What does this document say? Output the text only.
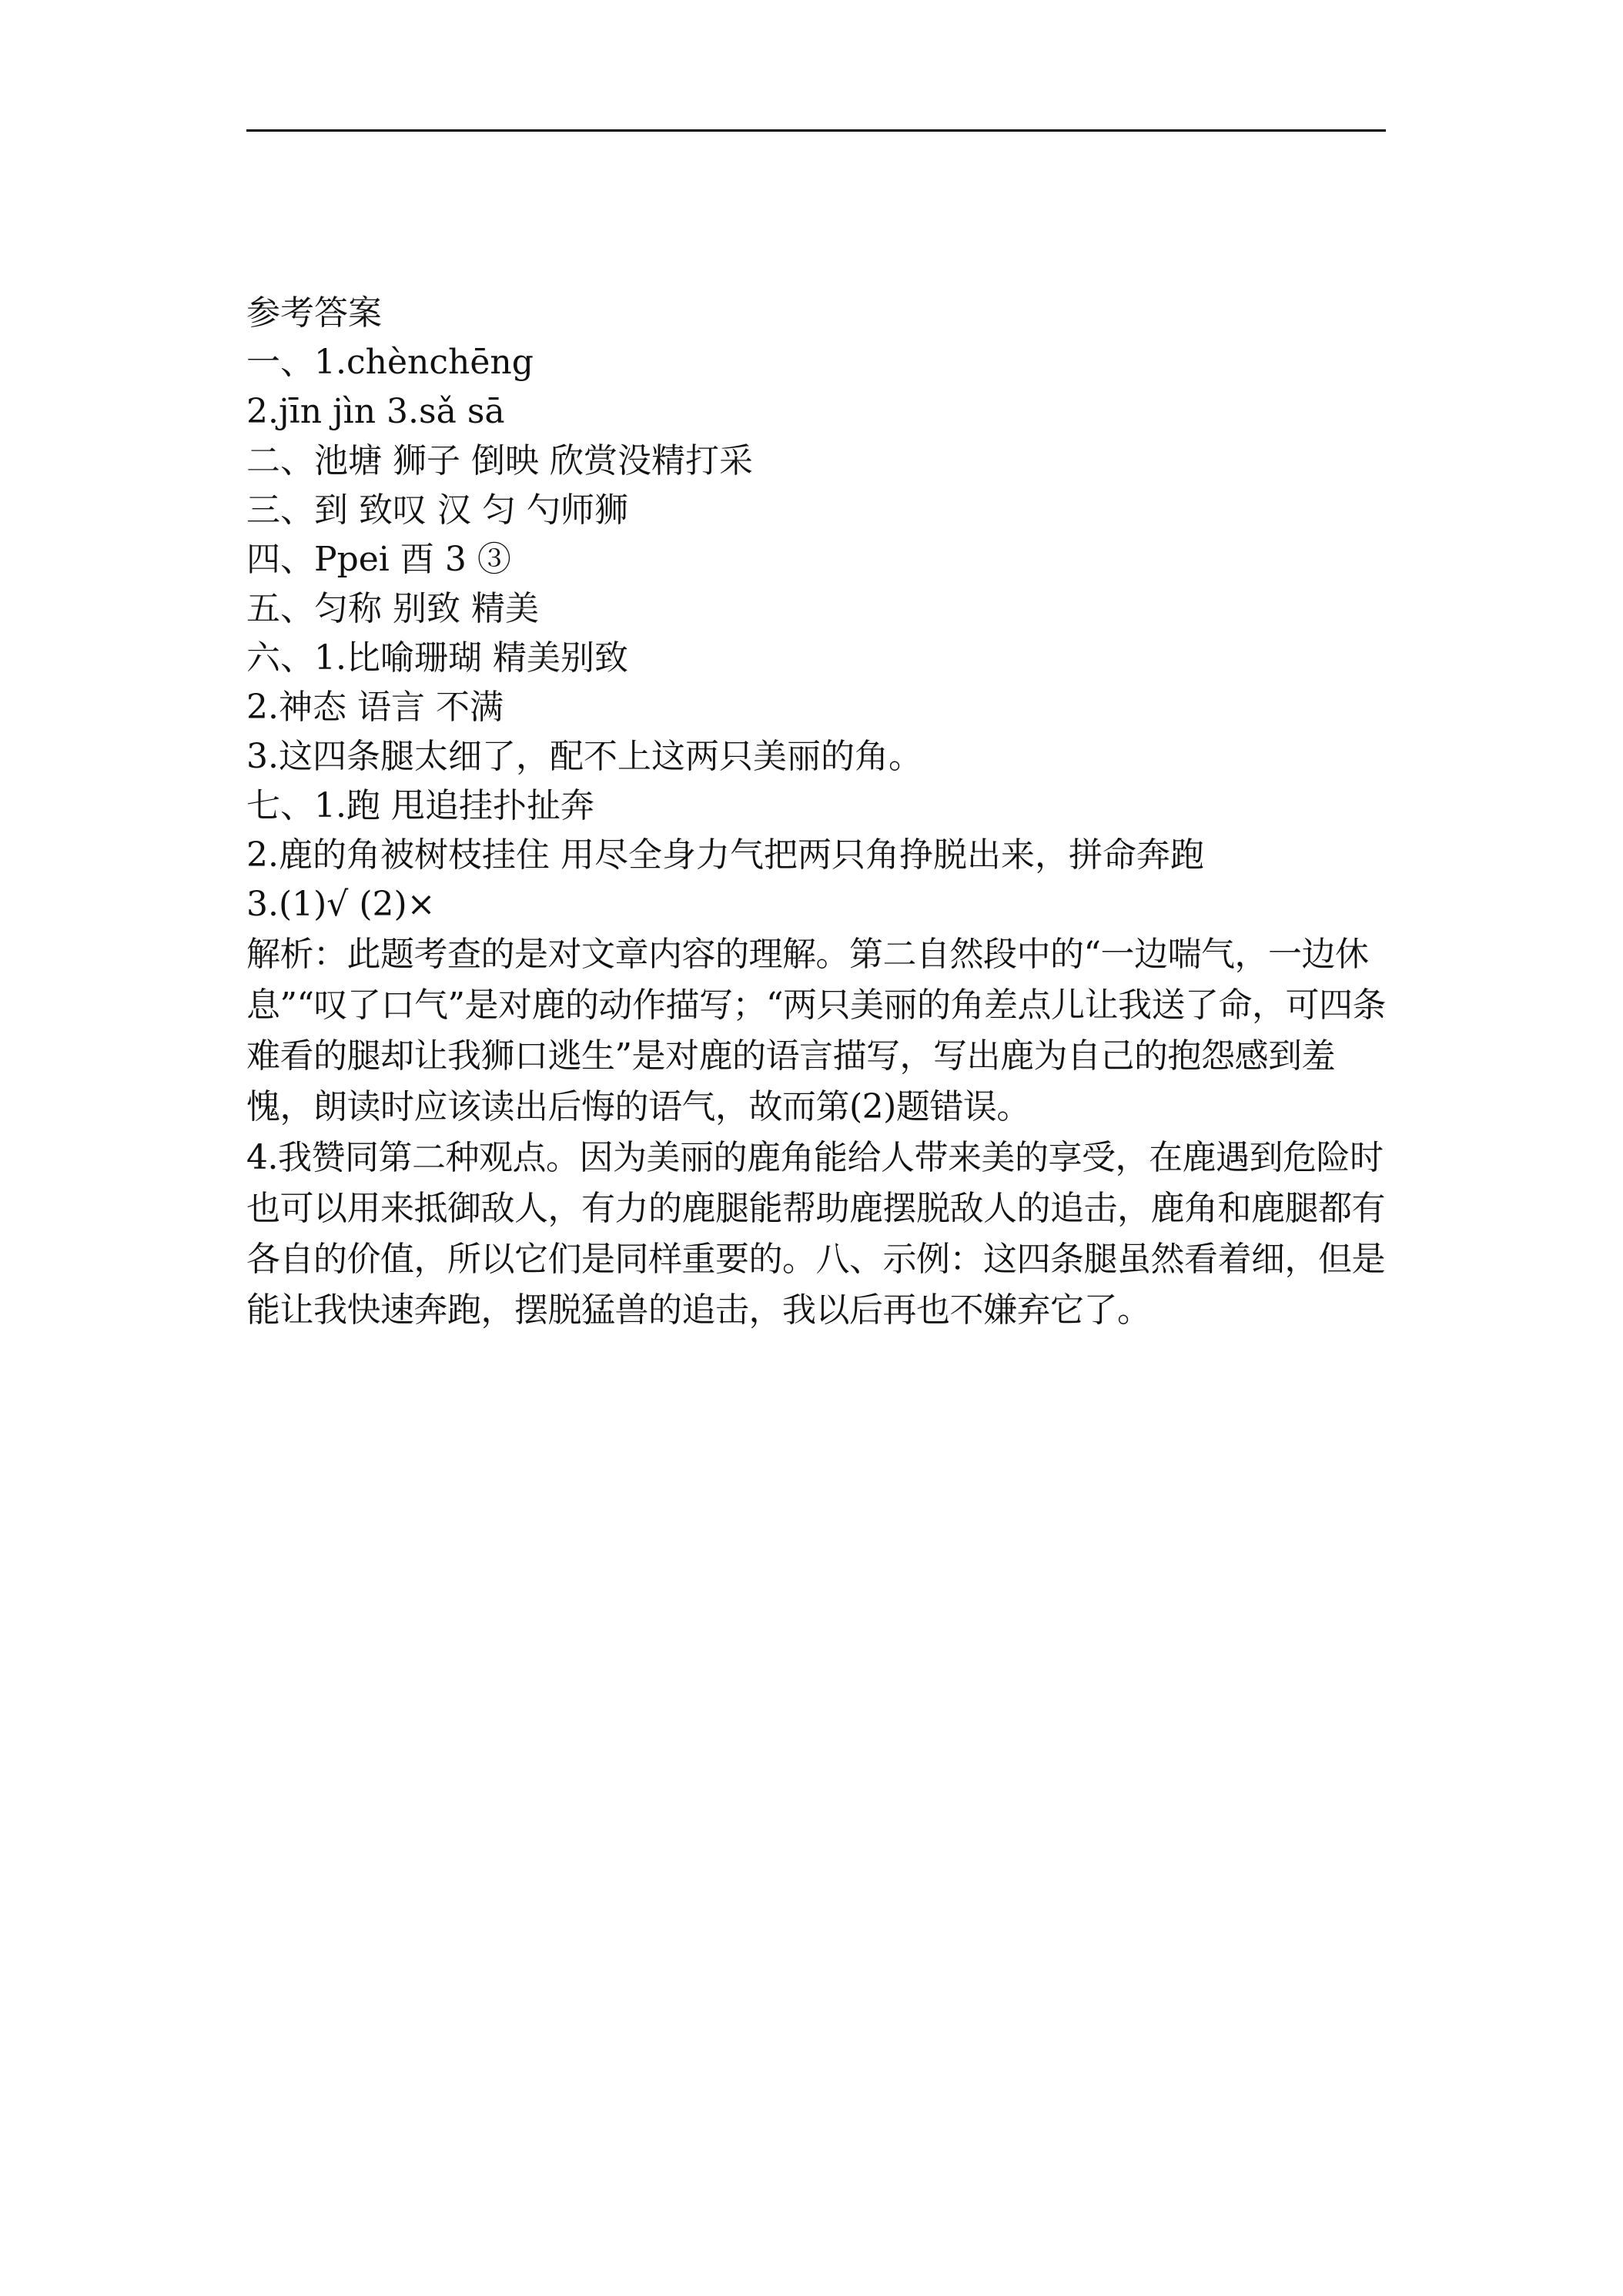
参考答案

一、1.chènchēng

2.jīn jìn 3.sǎ sā

二、池塘 狮子 倒映 欣赏没精打采

三、到 致叹 汉 匀 勺师狮

四、Ppei 酉 3 ③

五、匀称 别致 精美

六、1.比喻珊瑚 精美别致

2.神态 语言 不满

3.这四条腿太细了，配不上这两只美丽的角。

七、1.跑 甩追挂扑扯奔

2.鹿的角被树枝挂住 用尽全身力气把两只角挣脱出来，拼命奔跑

3.(1)√ (2)×

解析：此题考查的是对文章内容的理解。第二自然段中的“一边喘气，一边休息”“叹了口气”是对鹿的动作描写；“两只美丽的角差点儿让我送了命，可四条难看的腿却让我狮口逃生”是对鹿的语言描写，写出鹿为自己的抱怨感到羞愧，朗读时应该读出后悔的语气，故而第(2)题错误。

4.我赞同第二种观点。因为美丽的鹿角能给人带来美的享受，在鹿遇到危险时也可以用来抵御敌人，有力的鹿腿能帮助鹿摆脱敌人的追击，鹿角和鹿腿都有各自的价值，所以它们是同样重要的。八、示例：这四条腿虽然看着细，但是能让我快速奔跑，摆脱猛兽的追击，我以后再也不嫌弃它了。
